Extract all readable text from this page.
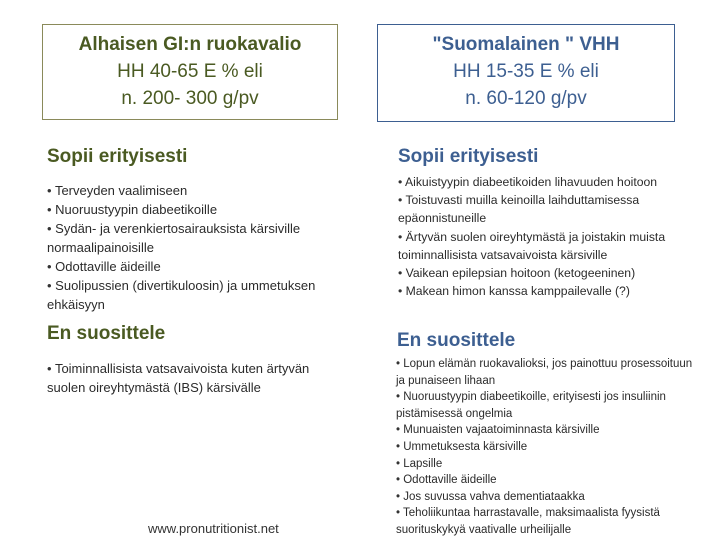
Alhaisen GI:n ruokavalio
HH 40-65 E % eli
n. 200- 300 g/pv
"Suomalainen " VHH
HH 15-35 E % eli
n. 60-120 g/pv
Sopii erityisesti
• Terveyden vaalimiseen
• Nuoruustyypin diabeetikoille
• Sydän- ja verenkiertosairauksista kärsiville normaalipainoisille
• Odottaville äideille
• Suolipussien (divertikuloosin) ja ummetuksen ehkäisyyn
En suosittele
• Toiminnallisista vatsavaivoista kuten ärtyvän suolen oireyhtymästä (IBS) kärsivälle
Sopii erityisesti
• Aikuistyypin diabeetikoiden lihavuuden hoitoon
• Toistuvasti muilla keinoilla laihduttamisessa epäonnistuneille
• Ärtyvän suolen oireyhtymästä ja joistakin muista toiminnallisista vatsavaivoista kärsiville
• Vaikean epilepsian hoitoon (ketogeeninen)
• Makean himon kanssa kamppailevalle (?)
En suosittele
• Lopun elämän ruokavalioksi, jos painottuu prosessoituun ja punaiseen lihaan
• Nuoruustyypin diabeetikoille, erityisesti jos insuliinin pistämisessä ongelmia
• Munuaisten vajaatoiminnasta kärsiville
• Ummetuksesta kärsiville
• Lapsille
• Odottaville äideille
• Jos suvussa vahva dementiataakka
• Teholiikuntaa harrastavalle, maksimaalista fyysistä suorituskykyä vaativalle urheilijalle
www.pronutritionist.net
